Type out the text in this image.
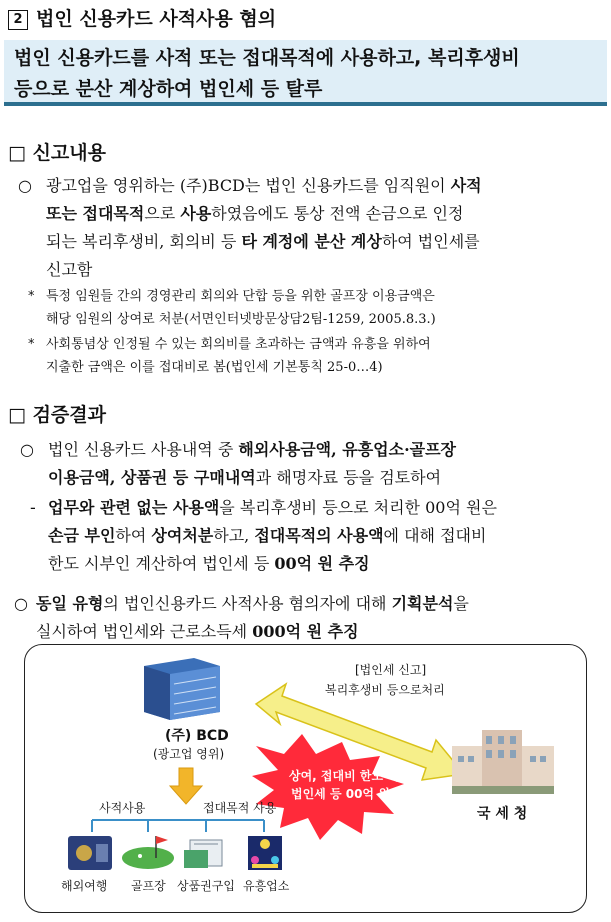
2 법인 신용카드 사적사용 혐의
법인 신용카드를 사적 또는 접대목적에 사용하고, 복리후생비
등으로 분산 계상하여 법인세 등 탈루
□ 신고내용
○ 광고업을 영위하는 (주)BCD는 법인 신용카드를 임직원이 사적
또는 접대목적으로 사용하였음에도 통상 전액 손금으로 인정
되는 복리후생비, 회의비 등 타 계정에 분산 계상하여 법인세를
신고함
* 특정 임원들 간의 경영관리 회의와 단합 등을 위한 골프장 이용금액은
해당 임원의 상여로 처분(서면인터넷방문상담2팀-1259, 2005.8.3.)
* 사회통념상 인정될 수 있는 회의비를 초과하는 금액과 유흥을 위하여
지출한 금액은 이를 접대비로 봄(법인세 기본통칙 25-0…4)
□ 검증결과
○ 법인 신용카드 사용내역 중 해외사용금액, 유흥업소·골프장
이용금액, 상품권 등 구매내역과 해명자료 등을 검토하여
- 업무와 관련 없는 사용액을 복리후생비 등으로 처리한 00억 원은
손금 부인하여 상여처분하고, 접대목적의 사용액에 대해 접대비
한도 시부인 계산하여 법인세 등 00억 원 추징
○ 동일 유형의 법인신용카드 사적사용 혐의자에 대해 기획분석을
실시하여 법인세와 근로소득세 000억 원 추징
(주) BCD
(광고업 영위)
[법인세 신고]
복리후생비 등으로처리
상여, 접대비 한도 시부인
법인세 등 00억 원 추징
국 세 청
사적사용	접대목적 사용
해외여행 골프장 상품권구입 유흥업소
